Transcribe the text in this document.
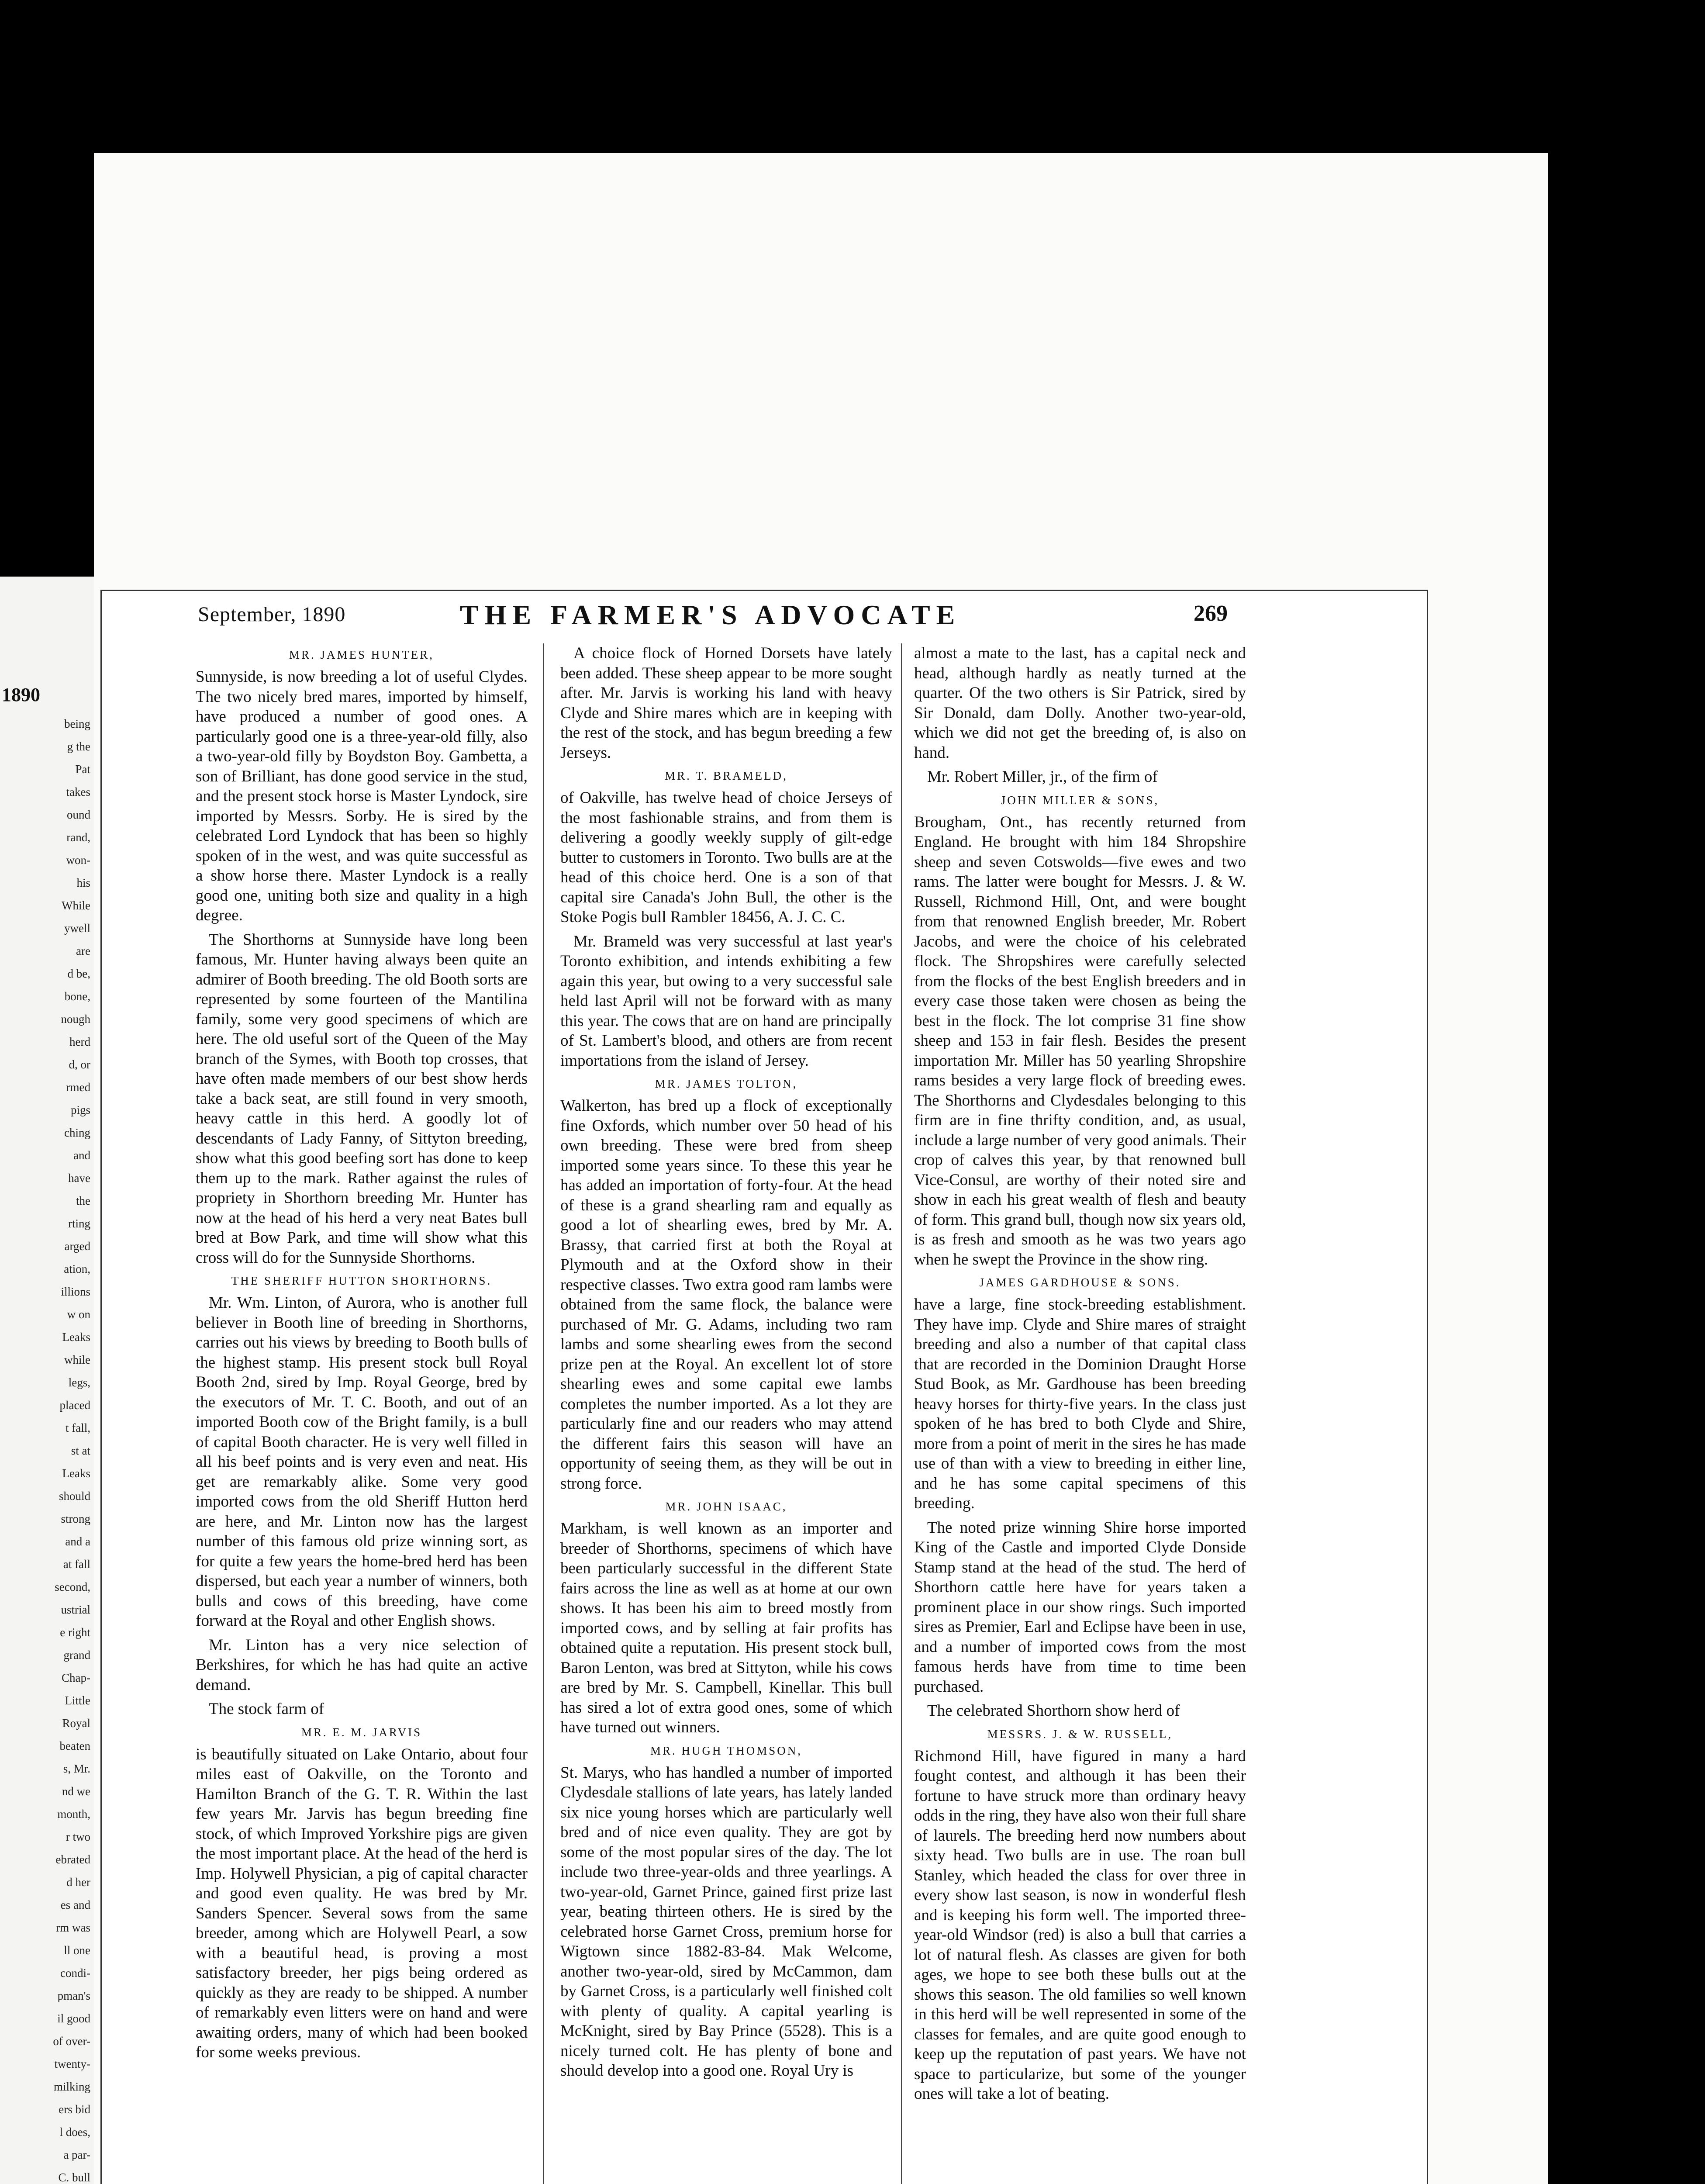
1890
being
g the
Pat
takes
ound
rand,
won-
his
While
ywell
are
d be,
bone,
nough
herd
d, or
rmed
pigs
ching
and
have
the
rting
arged
ation,
illions
w on
Leaks
while
legs,
placed
t fall,
st at
Leaks
should
strong
and a
at fall
second,
ustrial
e right
grand
Chap-
Little
Royal
beaten
s, Mr.
nd we
month,
r two
ebrated
d her
es and
rm was
ll one
condi-
pman's
il good
of over-
twenty-
milking
ers bid
l does,
a par-
C. bull
September, 1890	THE FARMER'S ADVOCATE	269
MR. JAMES HUNTER,

Sunnyside, is now breeding a lot of useful Clydes. The two nicely bred mares, imported by himself, have produced a number of good ones. A particularly good one is a three-year-old filly, also a two-year-old filly by Boydston Boy. Gambetta, a son of Brilliant, has done good service in the stud, and the present stock horse is Master Lyndock, sire imported by Messrs. Sorby. He is sired by the celebrated Lord Lyndock that has been so highly spoken of in the west, and was quite successful as a show horse there. Master Lyndock is a really good one, uniting both size and quality in a high degree.

The Shorthorns at Sunnyside have long been famous, Mr. Hunter having always been quite an admirer of Booth breeding. The old Booth sorts are represented by some fourteen of the Mantilina family, some very good specimens of which are here. The old useful sort of the Queen of the May branch of the Symes, with Booth top crosses, that have often made members of our best show herds take a back seat, are still found in very smooth, heavy cattle in this herd. A goodly lot of descendants of Lady Fanny, of Sittyton breeding, show what this good beefing sort has done to keep them up to the mark. Rather against the rules of propriety in Shorthorn breeding Mr. Hunter has now at the head of his herd a very neat Bates bull bred at Bow Park, and time will show what this cross will do for the Sunnyside Shorthorns.

THE SHERIFF HUTTON SHORTHORNS.

Mr. Wm. Linton, of Aurora, who is another full believer in Booth line of breeding in Shorthorns, carries out his views by breeding to Booth bulls of the highest stamp. His present stock bull Royal Booth 2nd, sired by Imp. Royal George, bred by the executors of Mr. T. C. Booth, and out of an imported Booth cow of the Bright family, is a bull of capital Booth character. He is very well filled in all his beef points and is very even and neat. His get are remarkably alike. Some very good imported cows from the old Sheriff Hutton herd are here, and Mr. Linton now has the largest number of this famous old prize winning sort, as for quite a few years the home-bred herd has been dispersed, but each year a number of winners, both bulls and cows of this breeding, have come forward at the Royal and other English shows.

Mr. Linton has a very nice selection of Berkshires, for which he has had quite an active demand.

The stock farm of

MR. E. M. JARVIS

is beautifully situated on Lake Ontario, about four miles east of Oakville, on the Toronto and Hamilton Branch of the G. T. R. Within the last few years Mr. Jarvis has begun breeding fine stock, of which Improved Yorkshire pigs are given the most important place. At the head of the herd is Imp. Holywell Physician, a pig of capital character and good even quality. He was bred by Mr. Sanders Spencer. Several sows from the same breeder, among which are Holywell Pearl, a sow with a beautiful head, is proving a most satisfactory breeder, her pigs being ordered as quickly as they are ready to be shipped. A number of remarkably even litters were on hand and were awaiting orders, many of which had been booked for some weeks previous.

A choice flock of Horned Dorsets have lately been added. These sheep appear to be more sought after. Mr. Jarvis is working his land with heavy Clyde and Shire mares which are in keeping with the rest of the stock, and has begun breeding a few Jerseys.

MR. T. BRAMELD,

of Oakville, has twelve head of choice Jerseys of the most fashionable strains, and from them is delivering a goodly weekly supply of gilt-edge butter to customers in Toronto. Two bulls are at the head of this choice herd. One is a son of that capital sire Canada's John Bull, the other is the Stoke Pogis bull Rambler 18456, A. J. C. C.

Mr. Brameld was very successful at last year's Toronto exhibition, and intends exhibiting a few again this year, but owing to a very successful sale held last April will not be forward with as many this year. The cows that are on hand are principally of St. Lambert's blood, and others are from recent importations from the island of Jersey.

MR. JAMES TOLTON,

Walkerton, has bred up a flock of exceptionally fine Oxfords, which number over 50 head of his own breeding. These were bred from sheep imported some years since. To these this year he has added an importation of forty-four. At the head of these is a grand shearling ram and equally as good a lot of shearling ewes, bred by Mr. A. Brassy, that carried first at both the Royal at Plymouth and at the Oxford show in their respective classes. Two extra good ram lambs were obtained from the same flock, the balance were purchased of Mr. G. Adams, including two ram lambs and some shearling ewes from the second prize pen at the Royal. An excellent lot of store shearling ewes and some capital ewe lambs completes the number imported. As a lot they are particularly fine and our readers who may attend the different fairs this season will have an opportunity of seeing them, as they will be out in strong force.

MR. JOHN ISAAC,

Markham, is well known as an importer and breeder of Shorthorns, specimens of which have been particularly successful in the different State fairs across the line as well as at home at our own shows. It has been his aim to breed mostly from imported cows, and by selling at fair profits has obtained quite a reputation. His present stock bull, Baron Lenton, was bred at Sittyton, while his cows are bred by Mr. S. Campbell, Kinellar. This bull has sired a lot of extra good ones, some of which have turned out winners.

MR. HUGH THOMSON,

St. Marys, who has handled a number of imported Clydesdale stallions of late years, has lately landed six nice young horses which are particularly well bred and of nice even quality. They are got by some of the most popular sires of the day. The lot include two three-year-olds and three yearlings. A two-year-old, Garnet Prince, gained first prize last year, beating thirteen others. He is sired by the celebrated horse Garnet Cross, premium horse for Wigtown since 1882-83-84. Mak Welcome, another two-year-old, sired by McCammon, dam by Garnet Cross, is a particularly well finished colt with plenty of quality. A capital yearling is McKnight, sired by Bay Prince (5528). This is a nicely turned colt. He has plenty of bone and should develop into a good one. Royal Ury is

almost a mate to the last, has a capital neck and head, although hardly as neatly turned at the quarter. Of the two others is Sir Patrick, sired by Sir Donald, dam Dolly. Another two-year-old, which we did not get the breeding of, is also on hand.

Mr. Robert Miller, jr., of the firm of

JOHN MILLER & SONS,

Brougham, Ont., has recently returned from England. He brought with him 184 Shropshire sheep and seven Cotswolds—five ewes and two rams. The latter were bought for Messrs. J. & W. Russell, Richmond Hill, Ont, and were bought from that renowned English breeder, Mr. Robert Jacobs, and were the choice of his celebrated flock. The Shropshires were carefully selected from the flocks of the best English breeders and in every case those taken were chosen as being the best in the flock. The lot comprise 31 fine show sheep and 153 in fair flesh. Besides the present importation Mr. Miller has 50 yearling Shropshire rams besides a very large flock of breeding ewes. The Shorthorns and Clydesdales belonging to this firm are in fine thrifty condition, and, as usual, include a large number of very good animals. Their crop of calves this year, by that renowned bull Vice-Consul, are worthy of their noted sire and show in each his great wealth of flesh and beauty of form. This grand bull, though now six years old, is as fresh and smooth as he was two years ago when he swept the Province in the show ring.

JAMES GARDHOUSE & SONS.

have a large, fine stock-breeding establishment. They have imp. Clyde and Shire mares of straight breeding and also a number of that capital class that are recorded in the Dominion Draught Horse Stud Book, as Mr. Gardhouse has been breeding heavy horses for thirty-five years. In the class just spoken of he has bred to both Clyde and Shire, more from a point of merit in the sires he has made use of than with a view to breeding in either line, and he has some capital specimens of this breeding.

The noted prize winning Shire horse imported King of the Castle and imported Clyde Donside Stamp stand at the head of the stud. The herd of Shorthorn cattle here have for years taken a prominent place in our show rings. Such imported sires as Premier, Earl and Eclipse have been in use, and a number of imported cows from the most famous herds have from time to time been purchased.

The celebrated Shorthorn show herd of

MESSRS. J. & W. RUSSELL,

Richmond Hill, have figured in many a hard fought contest, and although it has been their fortune to have struck more than ordinary heavy odds in the ring, they have also won their full share of laurels. The breeding herd now numbers about sixty head. Two bulls are in use. The roan bull Stanley, which headed the class for over three in every show last season, is now in wonderful flesh and is keeping his form well. The imported three-year-old Windsor (red) is also a bull that carries a lot of natural flesh. As classes are given for both ages, we hope to see both these bulls out at the shows this season. The old families so well known in this herd will be well represented in some of the classes for females, and are quite good enough to keep up the reputation of past years. We have not space to particularize, but some of the younger ones will take a lot of beating.
